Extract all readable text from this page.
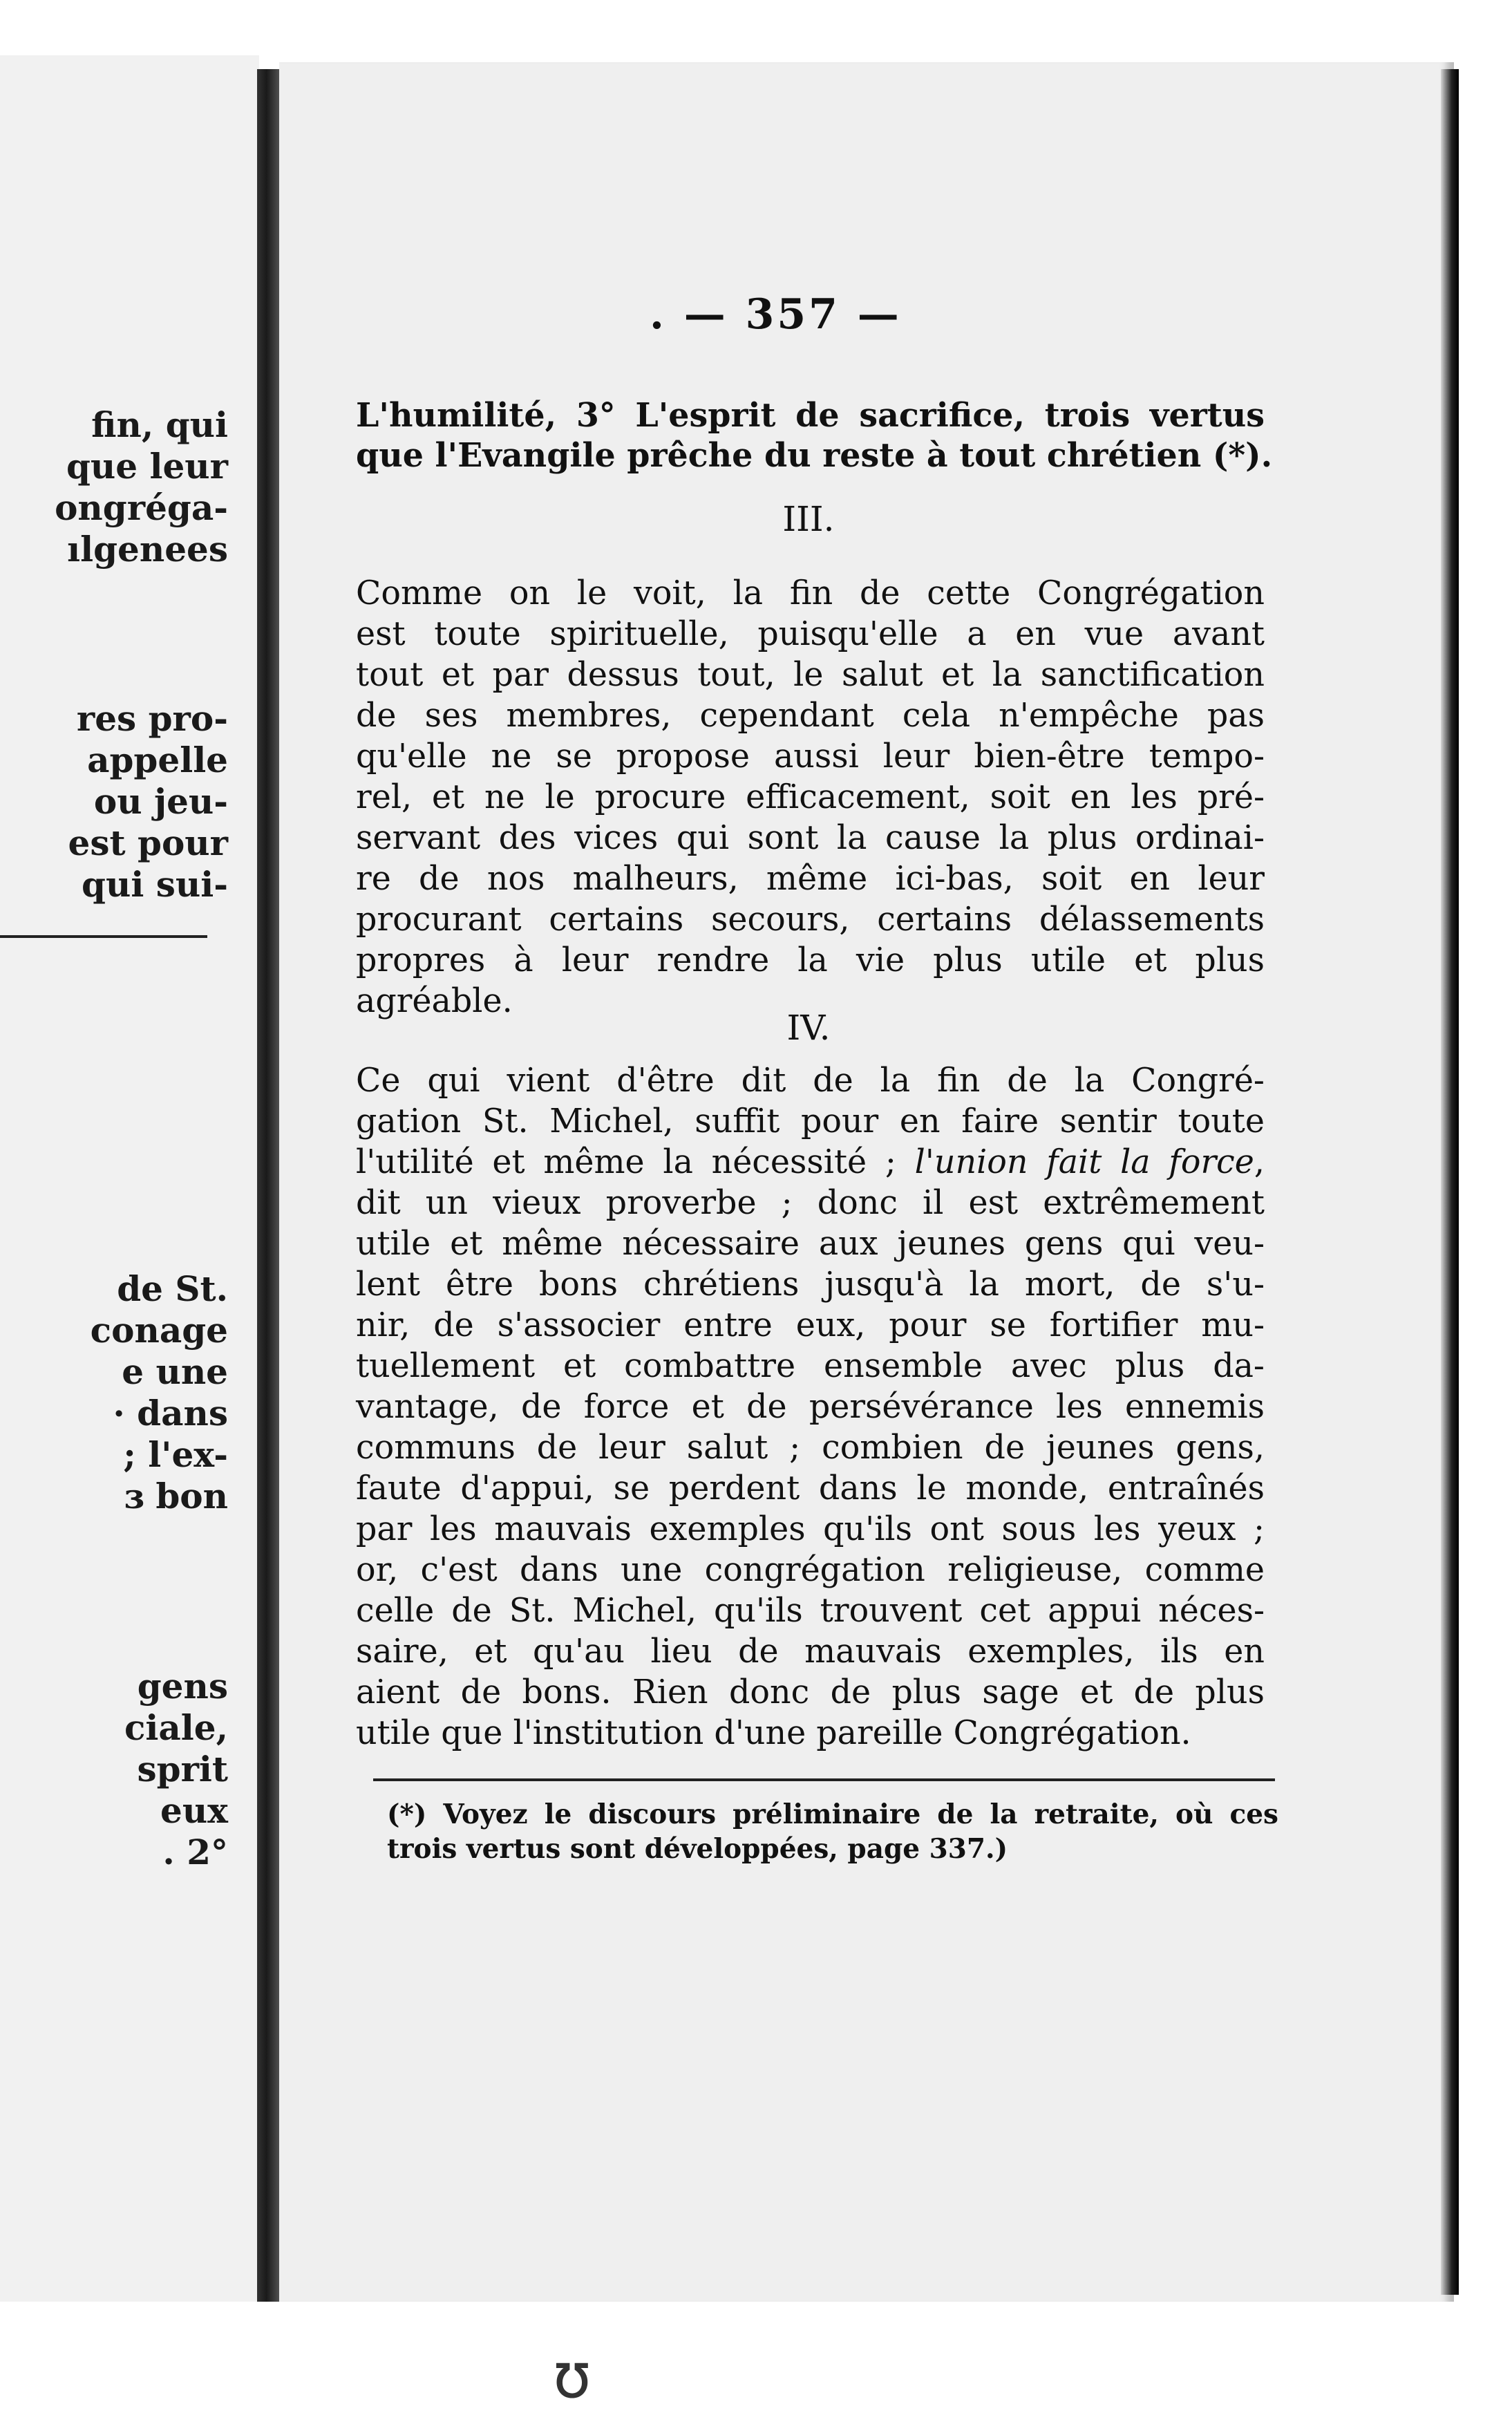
fin, qui
que leur
ongréga-
ılgenees
res pro-
appelle
ou jeu-
est pour
qui sui-
de St.
conage
e une
· dans
; l'ex-
ɜ bon
gens
ciale,
sprit
eux
. 2°
. — 357 —
L'humilité, 3° L'esprit de sacrifice, trois vertus
que l'Evangile prêche du reste à tout chrétien (*).
III.
Comme on le voit, la fin de cette Congrégation
est toute spirituelle, puisqu'elle a en vue avant
tout et par dessus tout, le salut et la sanctification
de ses membres, cependant cela n'empêche pas
qu'elle ne se propose aussi leur bien-être tempo-
rel, et ne le procure efficacement, soit en les pré-
servant des vices qui sont la cause la plus ordinai-
re de nos malheurs, même ici-bas, soit en leur
procurant certains secours, certains délassements
propres à leur rendre la vie plus utile et plus
agréable.
IV.
Ce qui vient d'être dit de la fin de la Congré-
gation St. Michel, suffit pour en faire sentir toute
l'utilité et même la nécessité ; l'union fait la force,
dit un vieux proverbe ; donc il est extrêmement
utile et même nécessaire aux jeunes gens qui veu-
lent être bons chrétiens jusqu'à la mort, de s'u-
nir, de s'associer entre eux, pour se fortifier mu-
tuellement et combattre ensemble avec plus da-
vantage, de force et de persévérance les ennemis
communs de leur salut ; combien de jeunes gens,
faute d'appui, se perdent dans le monde, entraînés
par les mauvais exemples qu'ils ont sous les yeux ;
or, c'est dans une congrégation religieuse, comme
celle de St. Michel, qu'ils trouvent cet appui néces-
saire, et qu'au lieu de mauvais exemples, ils en
aient de bons. Rien donc de plus sage et de plus
utile que l'institution d'une pareille Congrégation.
(*) Voyez le discours préliminaire de la retraite, où ces
trois vertus sont développées, page 337.)
ʊ
